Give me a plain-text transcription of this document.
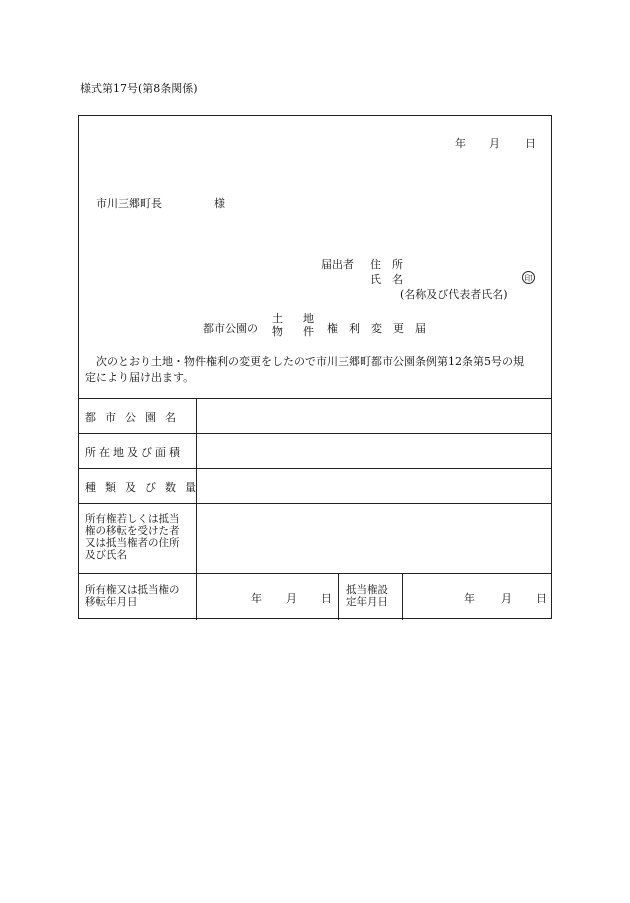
様式第17号(第8条関係)
年 月 日
市川三郷町長	様
届出者 住　所
氏　名	印
(名称及び代表者氏名)
都市公園の
土
物
地
件 権　利　変　更　届
次のとおり土地・物件権利の変更をしたので市川三郷町都市公園条例第12条第5号の規
定により届け出ます。
都市公園名
所在地及び面積
種類及び数量
所有権若しくは抵当
権の移転を受けた者
又は抵当権者の住所
及び氏名
所有権又は抵当権の
移転年月日	年 月 日
抵当権設
定年月日	年 月 日
